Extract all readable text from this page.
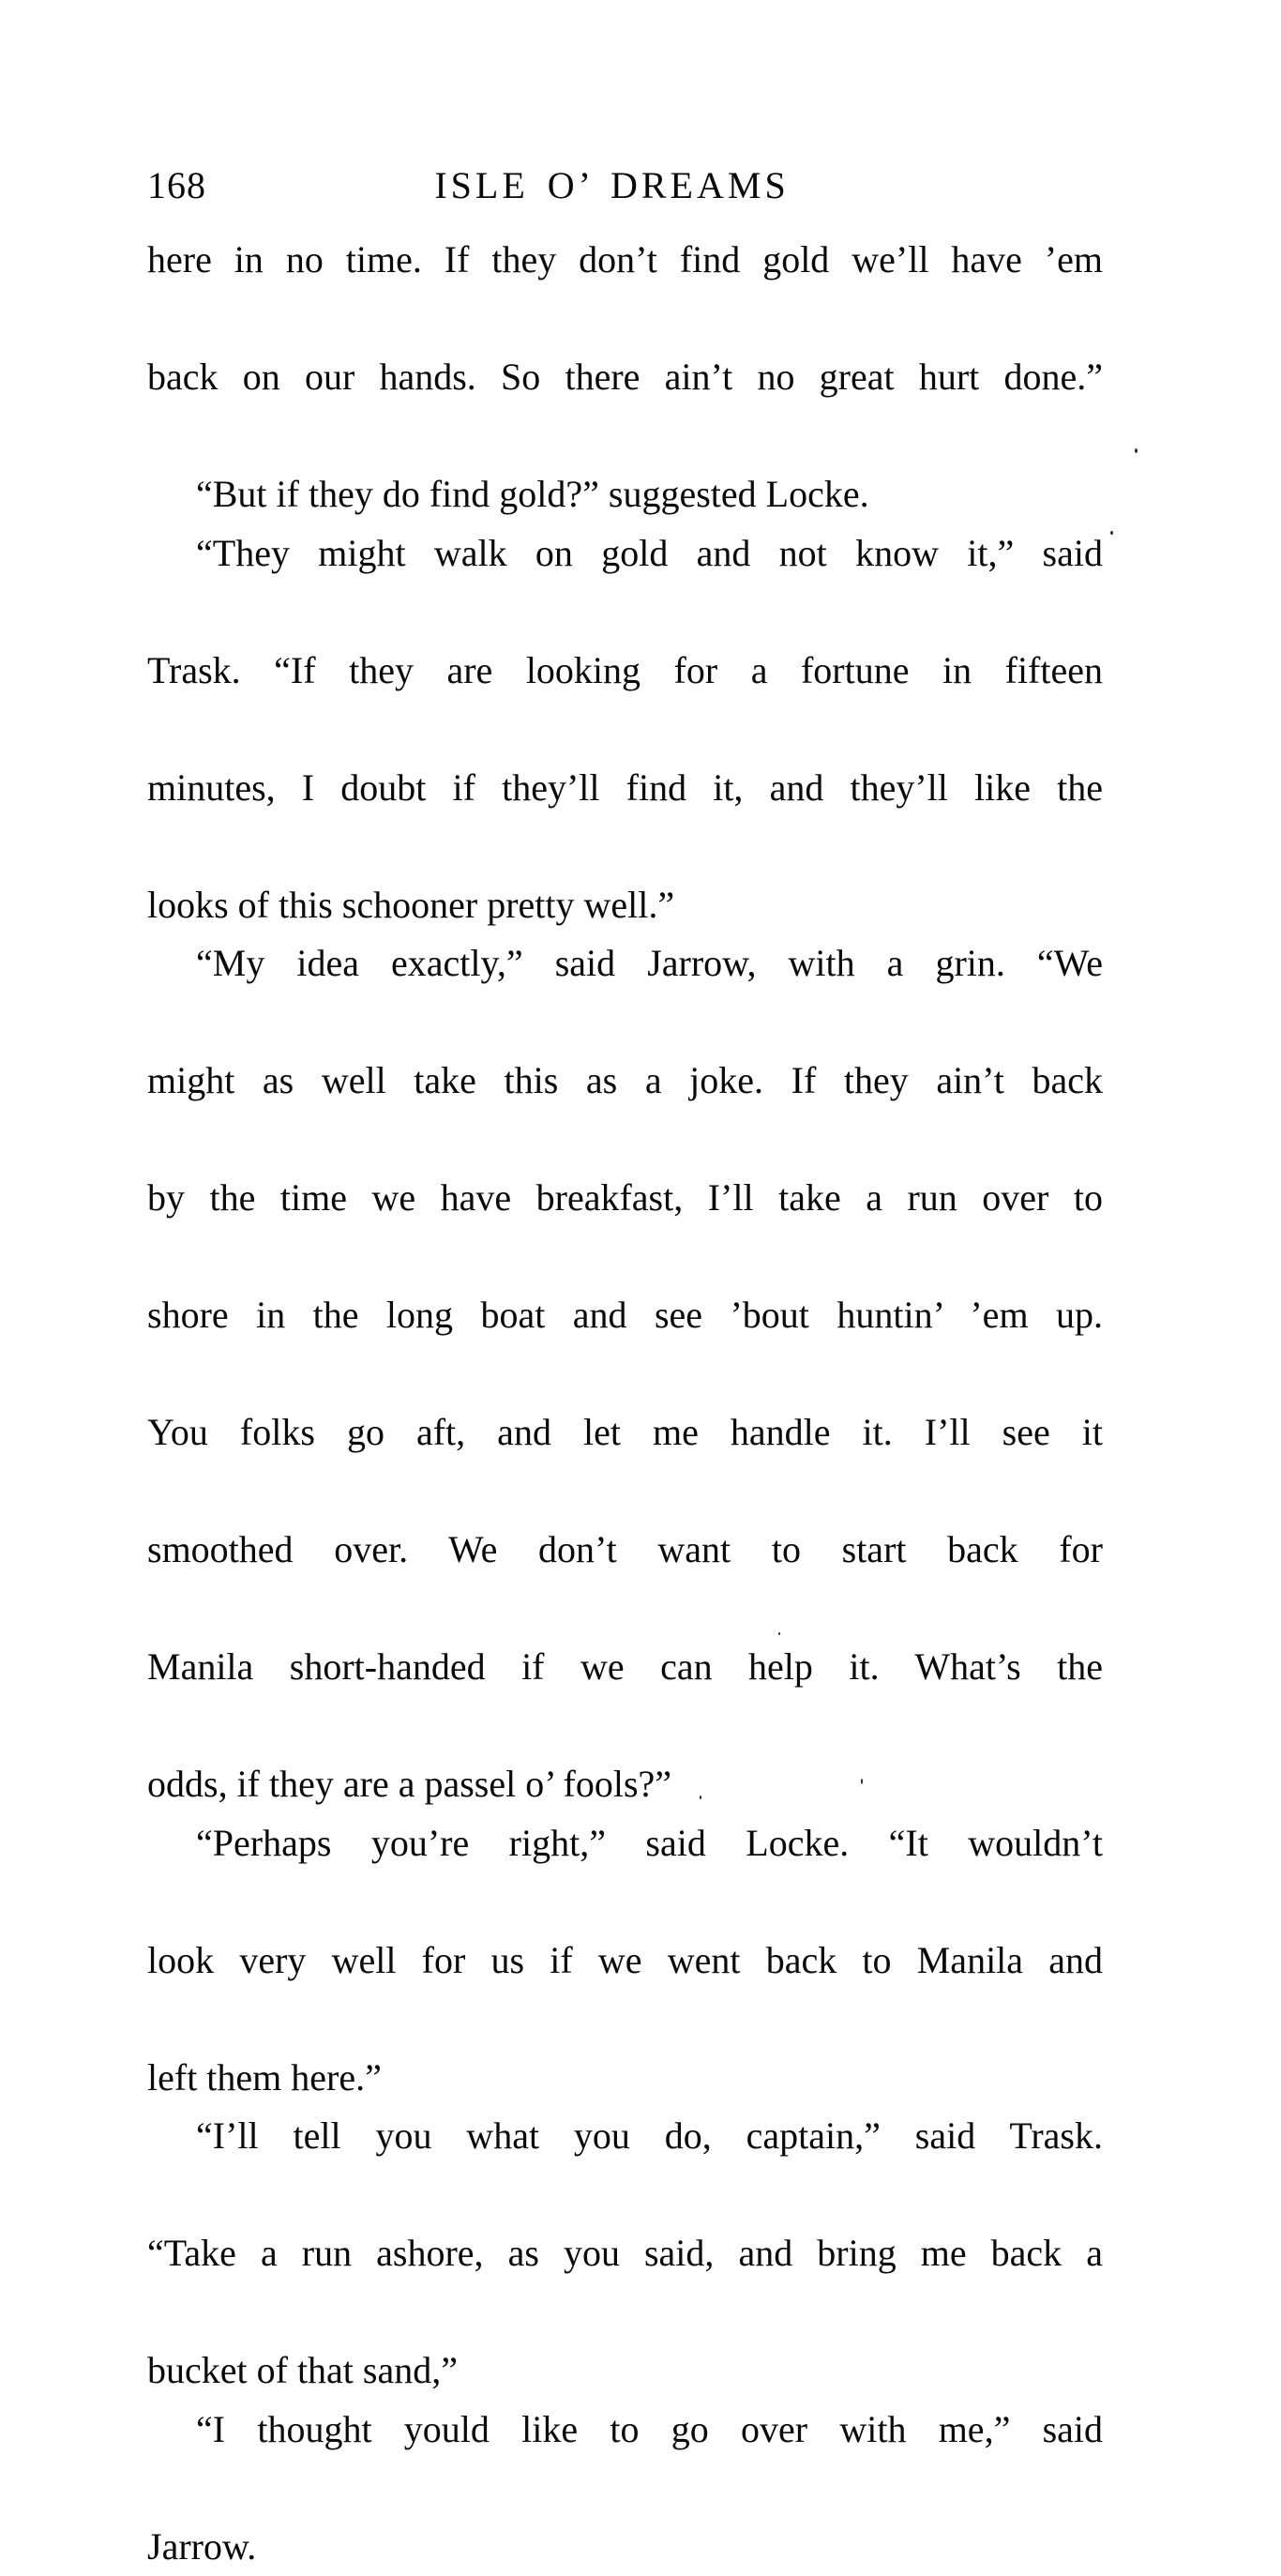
168	ISLE O’ DREAMS
here in no time. If they don’t find gold we’ll have ’em
back on our hands. So there ain’t no great hurt done.”
“But if they do find gold?” suggested Locke.
“They might walk on gold and not know it,” said
Trask. “If they are looking for a fortune in fifteen
minutes, I doubt if they’ll find it, and they’ll like the
looks of this schooner pretty well.”
“My idea exactly,” said Jarrow, with a grin. “We
might as well take this as a joke. If they ain’t back
by the time we have breakfast, I’ll take a run over to
shore in the long boat and see ’bout huntin’ ’em up.
You folks go aft, and let me handle it. I’ll see it
smoothed over. We don’t want to start back for
Manila short-handed if we can help it. What’s the
odds, if they are a passel o’ fools?”
“Perhaps you’re right,” said Locke. “It wouldn’t
look very well for us if we went back to Manila and
left them here.”
“I’ll tell you what you do, captain,” said Trask.
“Take a run ashore, as you said, and bring me back a
bucket of that sand,”
“I thought yould like to go over with me,” said
Jarrow.
